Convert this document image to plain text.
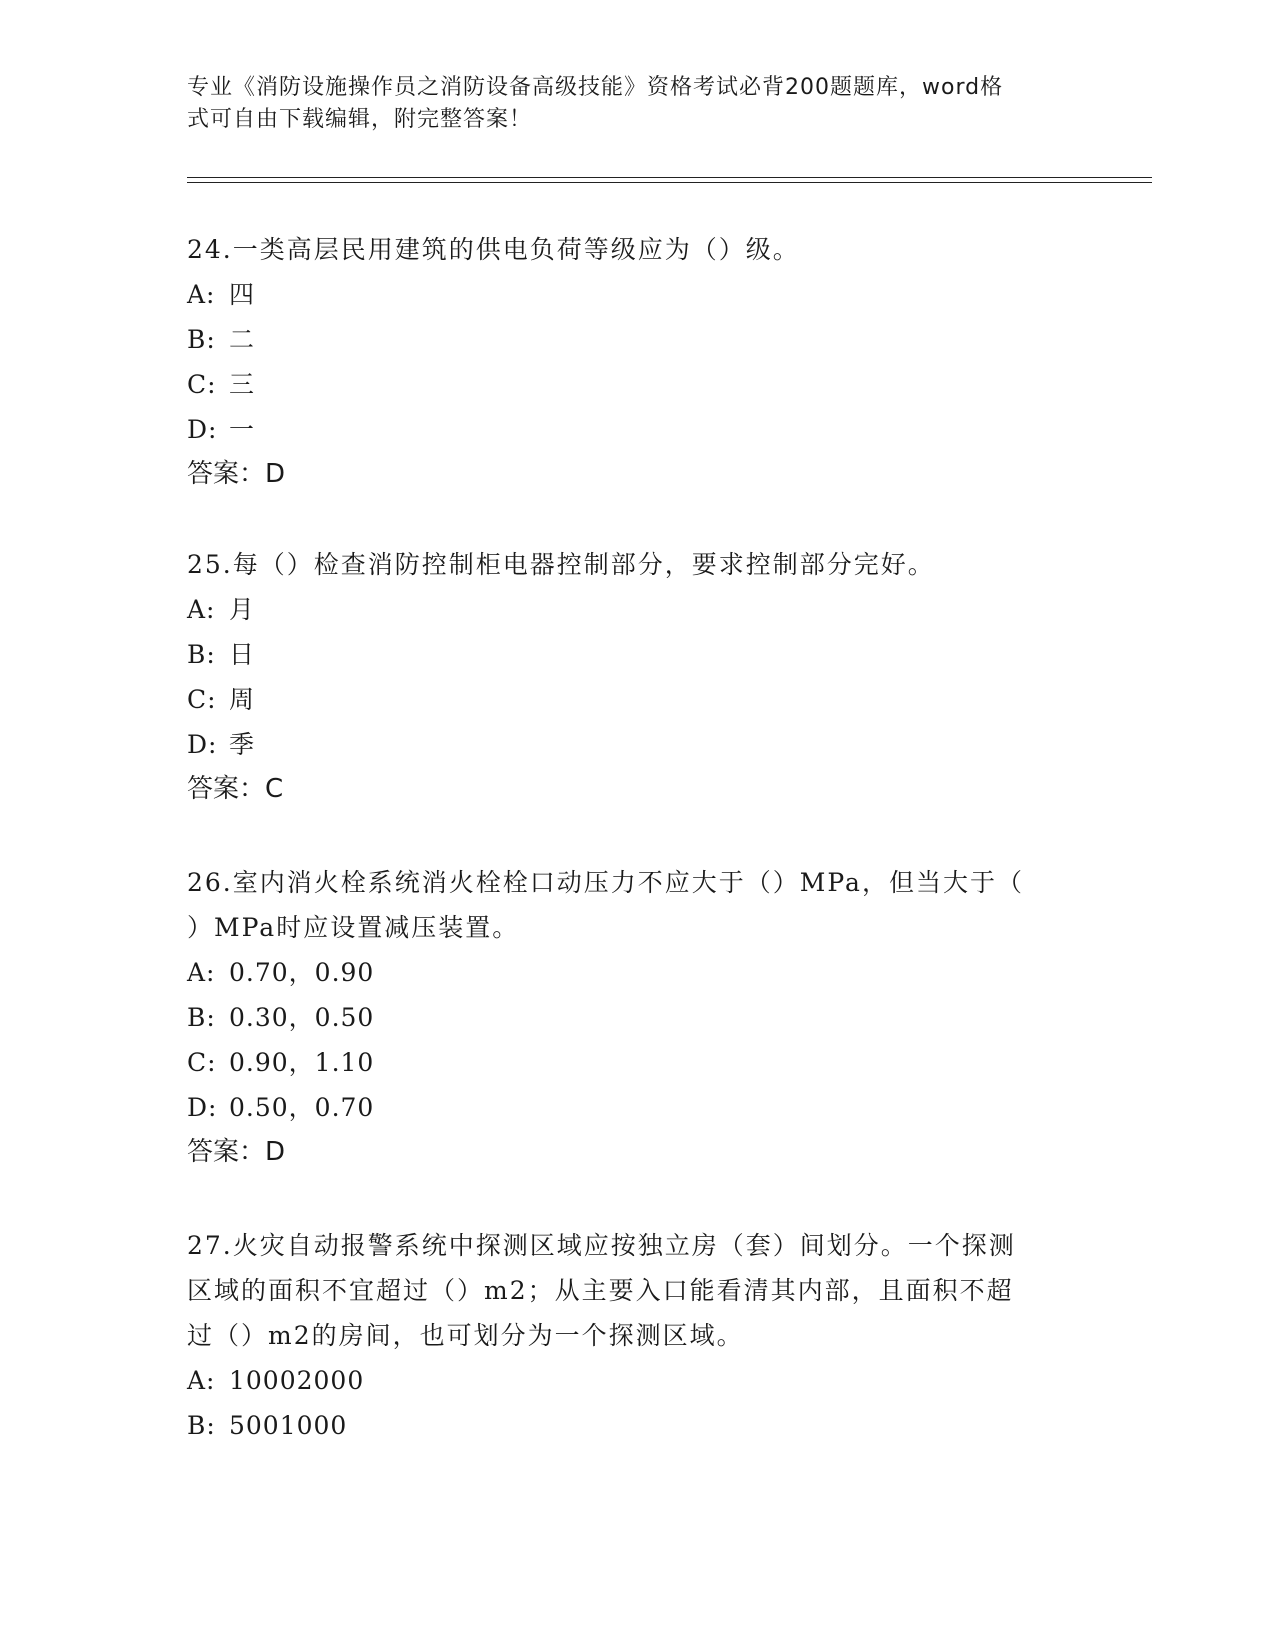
专业《消防设施操作员之消防设备高级技能》资格考试必背200题题库，word格
式可自由下载编辑，附完整答案！

24.一类高层民用建筑的供电负荷等级应为（）级。

A: 四

B: 二

C: 三

D: 一

答案：D

25.每（）检查消防控制柜电器控制部分，要求控制部分完好。

A: 月

B: 日

C: 周

D: 季

答案：C

26.室内消火栓系统消火栓栓口动压力不应大于（）MPa，但当大于（

）MPa时应设置减压装置。

A: 0.70，0.90

B: 0.30，0.50

C: 0.90，1.10

D: 0.50，0.70

答案：D

27.火灾自动报警系统中探测区域应按独立房（套）间划分。一个探测

区域的面积不宜超过（）m2；从主要入口能看清其内部，且面积不超

过（）m2的房间，也可划分为一个探测区域。

A: 10002000

B: 5001000
